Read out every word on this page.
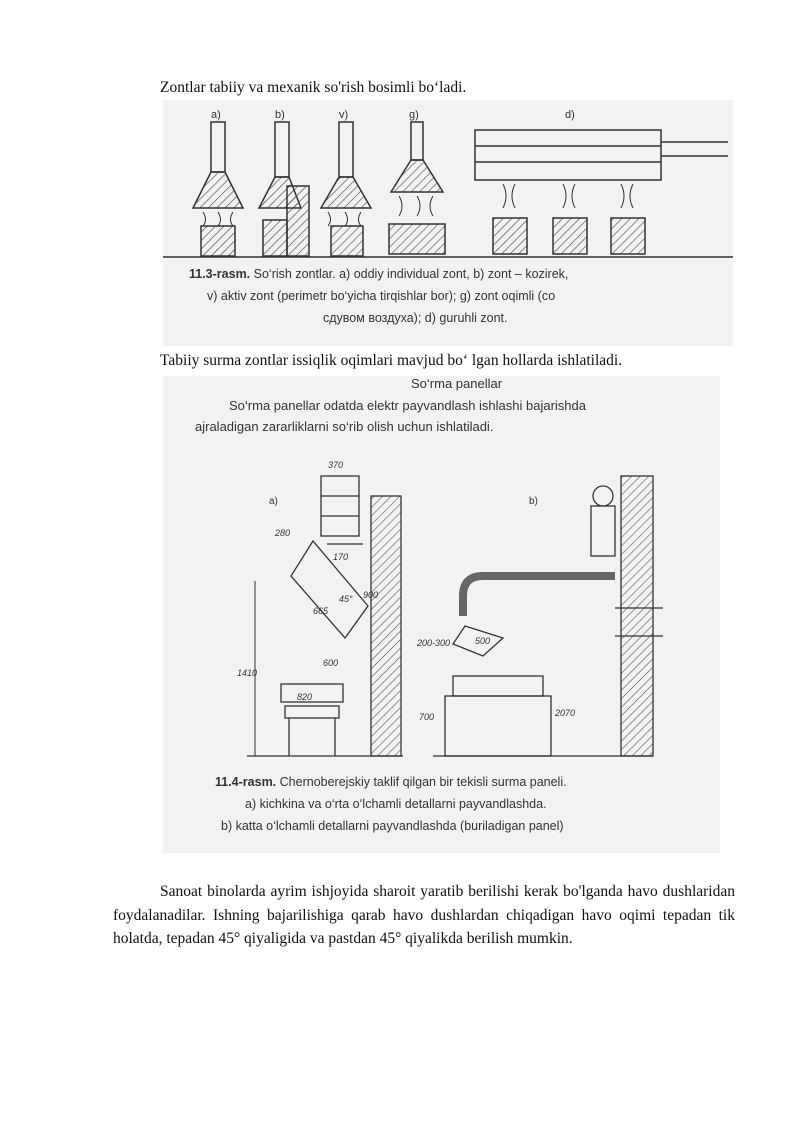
Zontlar tabiiy va mexanik so'rish bosimli bo‘ladi.

a)	b)	v)	g)	d)
11.3-rasm. So‘rish zontlar. a) oddiy individual zont, b) zont – kozirek,
v) aktiv zont (perimetr bo‘yicha tirqishlar bor); g) zont oqimli (со
сдувом воздуха); d) guruhli zont.

Tabiiy surma zontlar issiqlik oqimlari mavjud bo‘ lgan hollarda ishlatiladi.

So‘rma panellar
So‘rma panellar odatda elektr payvandlash ishlashi bajarishda
ajraladigan zararliklarni so‘rib olish uchun ishlatiladi.
a)	b)
370
280
170
900
665
45°
600
1410
820
200-300	500
700	2070
11.4-rasm. Chernoberejskiy taklif qilgan bir tekisli surma paneli.
a) kichkina va o‘rta o‘lchamli detallarni payvandlashda.
b) katta o‘lchamli detallarni payvandlashda (buriladigan panel)

Sanoat binolarda ayrim ishjoyida sharoit yaratib berilishi kerak bo'lganda havo dushlaridan foydalanadilar. Ishning bajarilishiga qarab havo dushlardan chiqadigan havo oqimi tepadan tik holatda, tepadan 45° qiyaligida va pastdan 45° qiyalikda berilish mumkin.
